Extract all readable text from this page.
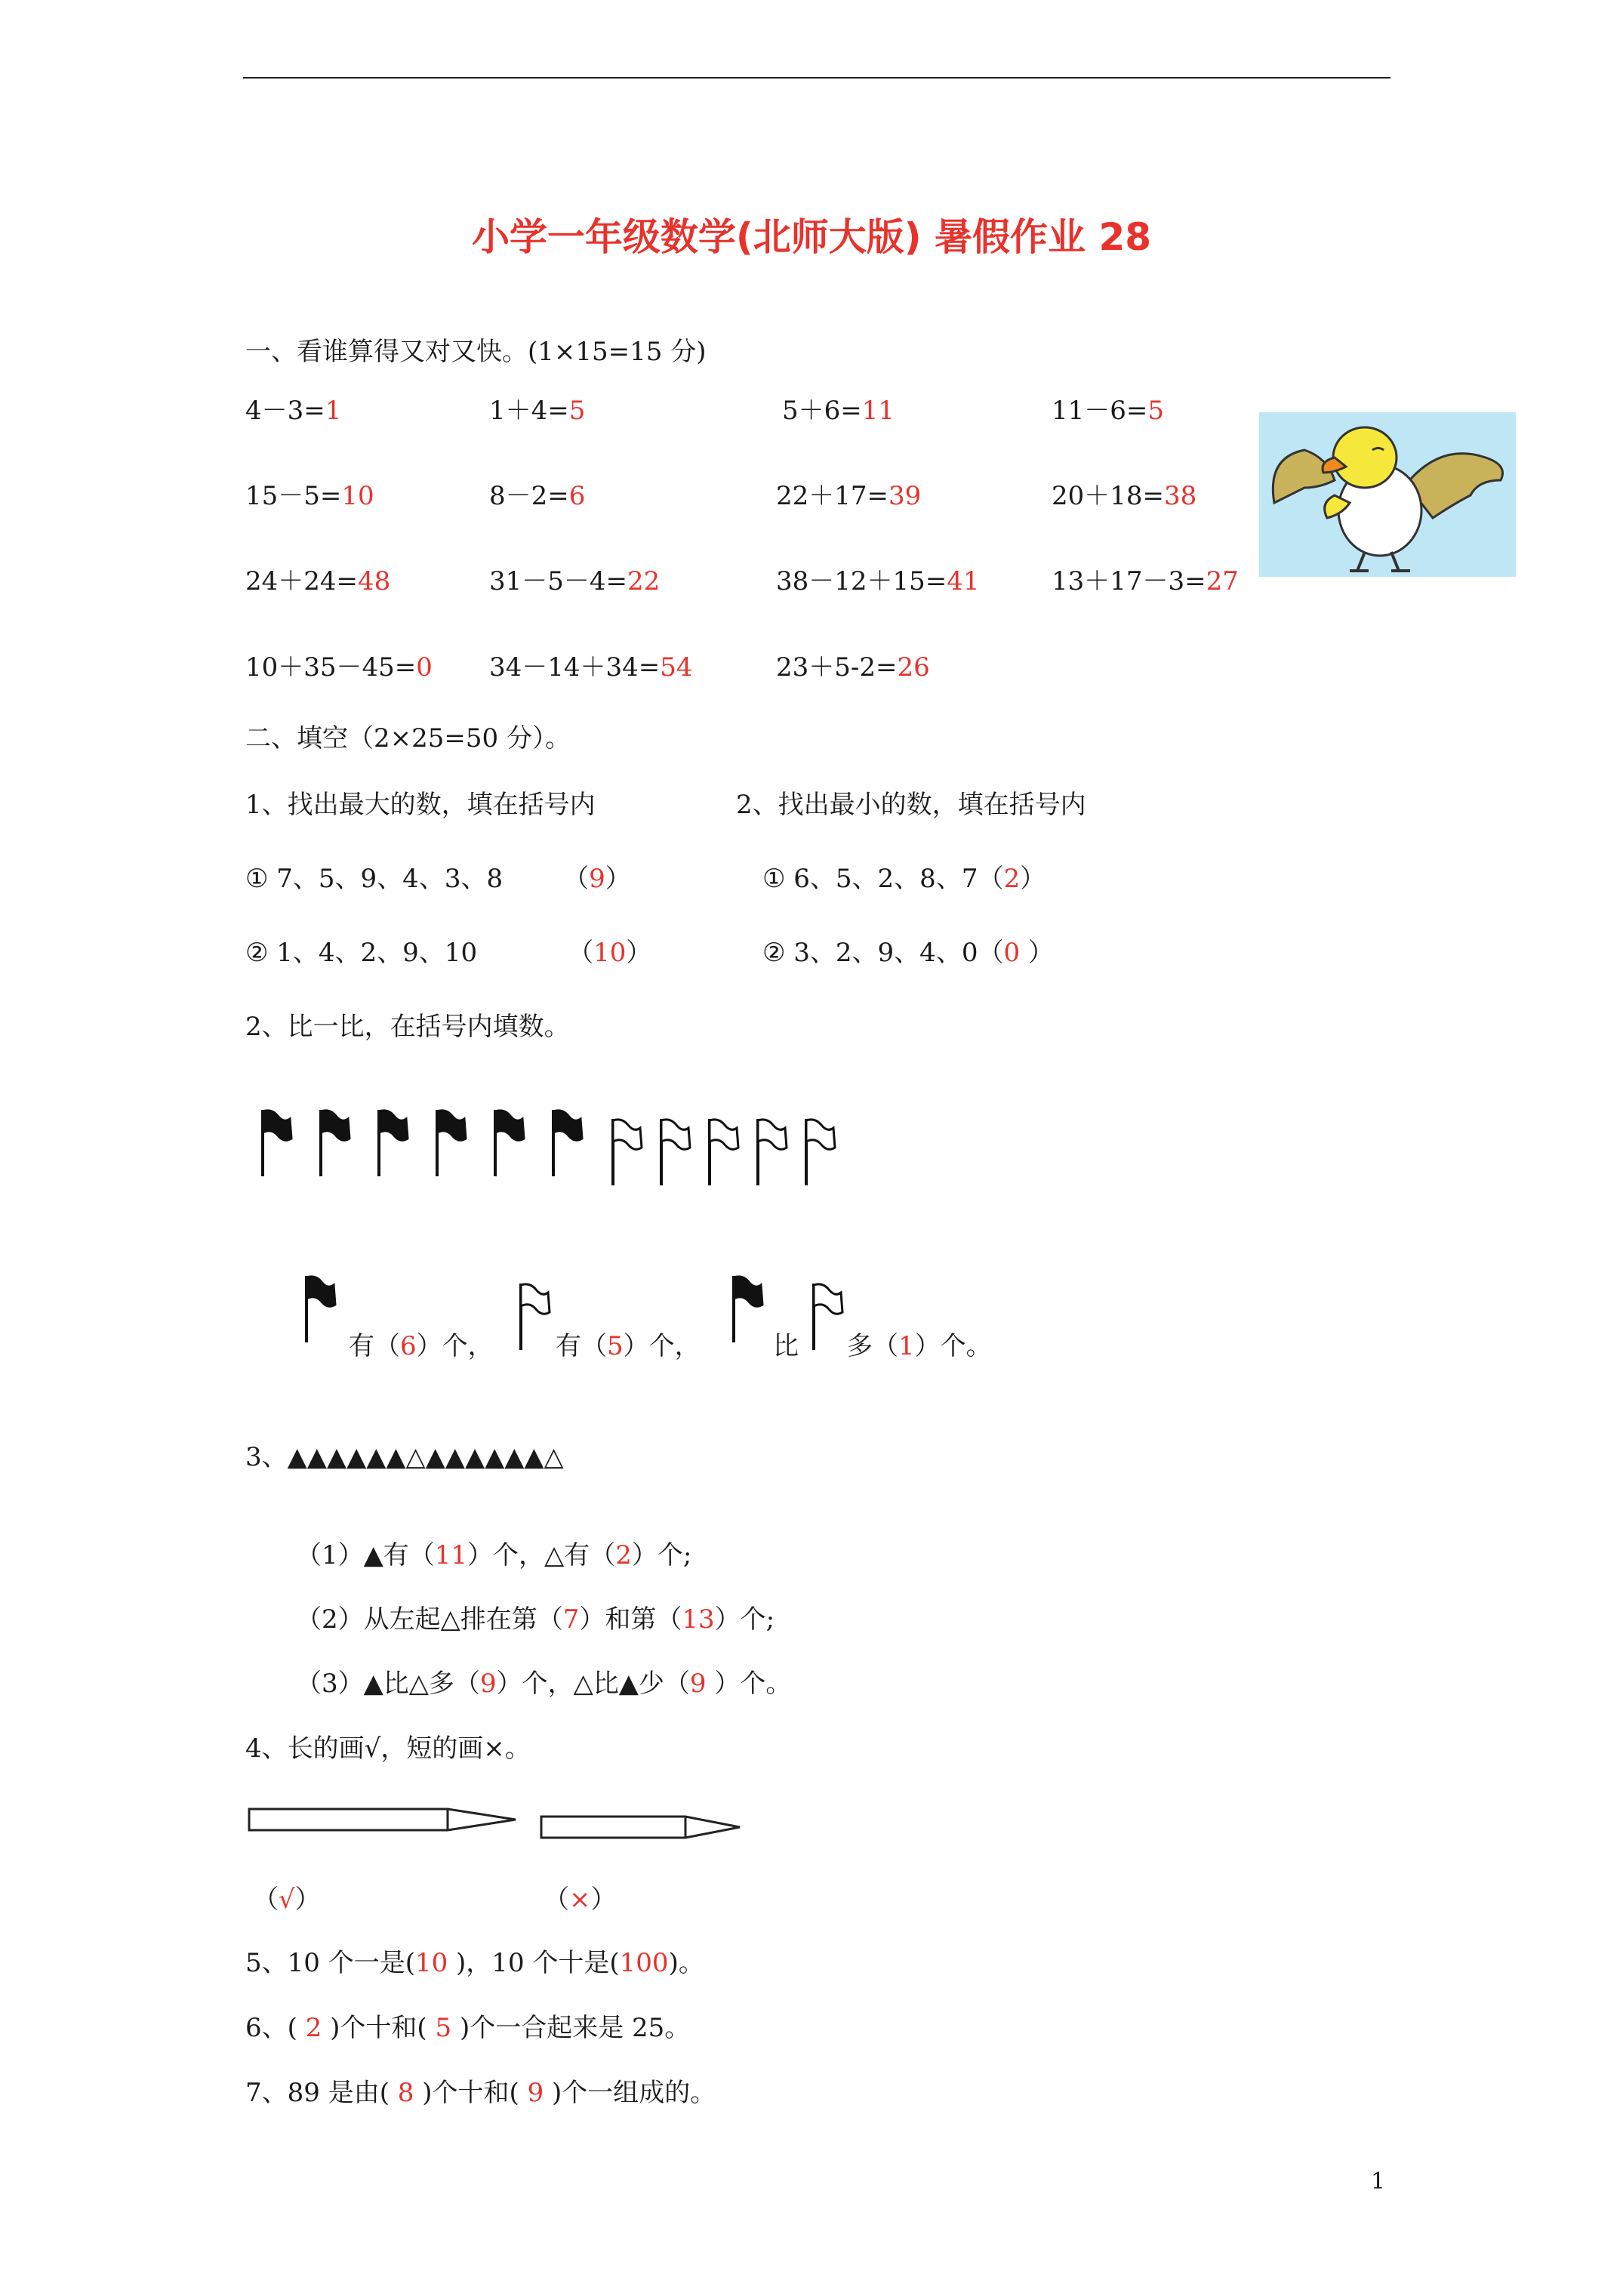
小学一年级数学(北师大版) 暑假作业 28
一、看谁算得又对又快。(1×15=15 分)
4－3=1	1＋4=5	5＋6=11	11－6=5
15－5=10	8－2=6	22＋17=39	20＋18=38
24＋24=48	31－5－4=22	38－12＋15=41	13＋17－3=27
10＋35－45=0 34－14＋34=54	23＋5-2=26
二、填空（2×25=50 分）。
1、找出最大的数，填在括号内	2、找出最小的数，填在括号内
① 7、5、9、4、3、8 （9）
② 1、4、2、9、10	（10）
① 6、5、2、8、7（2）
② 3、2、9、4、0（0 ）
2、比一比，在括号内填数。
有（6）个， 有（5）个，	比 多（1）个。
3、▲▲▲▲▲▲△▲▲▲▲▲▲△
（1）▲有（11）个，△有（2）个;
（2）从左起△排在第（7）和第（13）个;
（3）▲比△多（9）个，△比▲少（9 ）个。
4、长的画√，短的画×。
（√）	（×）
5、10 个一是(10 )，10 个十是(100)。
6、( 2 )个十和( 5 )个一合起来是 25。
7、89 是由( 8 )个十和( 9 )个一组成的。
1
